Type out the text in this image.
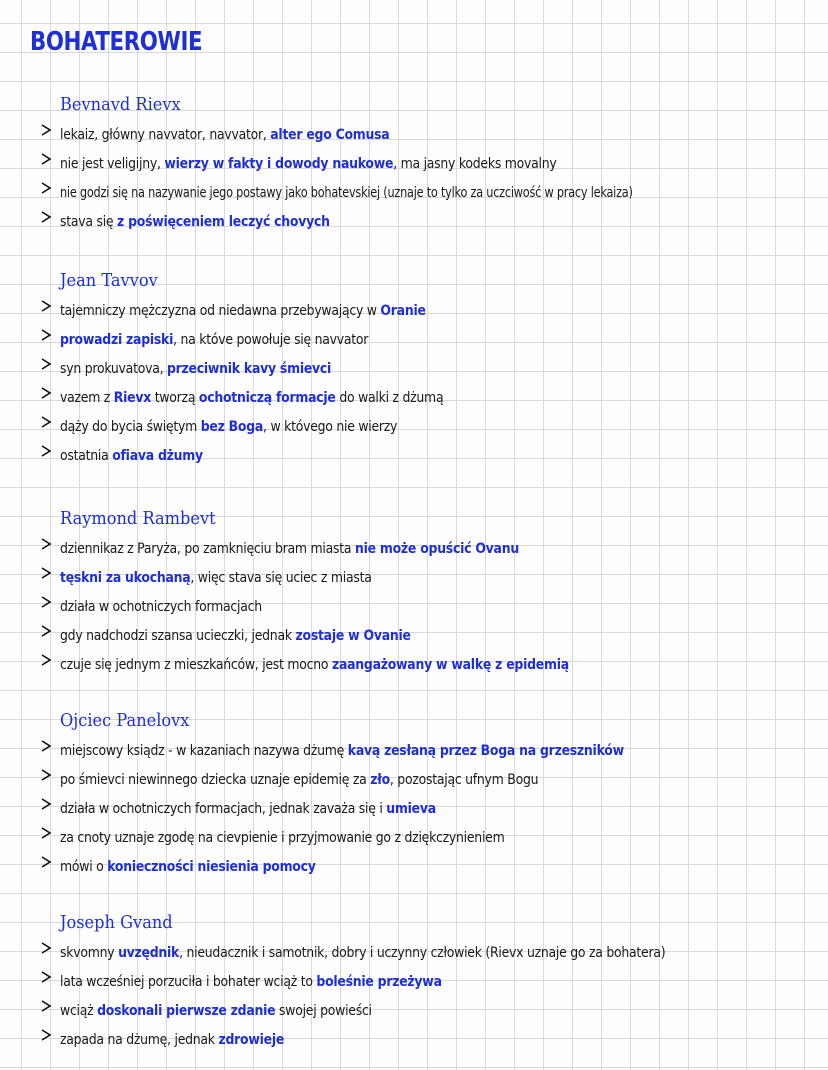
BOHATEROWIE
Bevnavd Rievx
lekaiz, główny navvator, navvator, alter ego Comusa
nie jest veligijny, wierzy w fakty i dowody naukowe, ma jasny kodeks movalny
nie godzi się na nazywanie jego postawy jako bohatevskiej (uznaje to tylko za uczciwość w pracy lekaiza)
stava się z poświęceniem leczyć chovych
Jean Tavvov
tajemniczy mężczyzna od niedawna przebywający w Oranie
prowadzi zapiski, na któve powołuje się navvator
syn prokuvatova, przeciwnik kavy śmievci
vazem z Rievx tworzą ochotniczą formacje do walki z dżumą
dąży do bycia świętym bez Boga, w któvego nie wierzy
ostatnia ofiava dżumy
Raymond Rambevt
dziennikaz z Paryża, po zamknięciu bram miasta nie może opuścić Ovanu
tęskni za ukochaną, więc stava się uciec z miasta
działa w ochotniczych formacjach
gdy nadchodzi szansa ucieczki, jednak zostaje w Ovanie
czuje się jednym z mieszkańców, jest mocno zaangażowany w walkę z epidemią
Ojciec Panelovx
miejscowy ksiądz - w kazaniach nazywa dżumę kavą zesłaną przez Boga na grzeszników
po śmievci niewinnego dziecka uznaje epidemię za zło, pozostając ufnym Bogu
działa w ochotniczych formacjach, jednak zavaża się i umieva
za cnoty uznaje zgodę na cievpienie i przyjmowanie go z dziękczynieniem
mówi o konieczności niesienia pomocy
Joseph Gvand
skvomny uvzędnik, nieudacznik i samotnik, dobry i uczynny człowiek (Rievx uznaje go za bohatera)
lata wcześniej porzuciła i bohater wciąż to boleśnie przeżywa
wciąż doskonali pierwsze zdanie swojej powieści
zapada na dżumę, jednak zdrowieje
